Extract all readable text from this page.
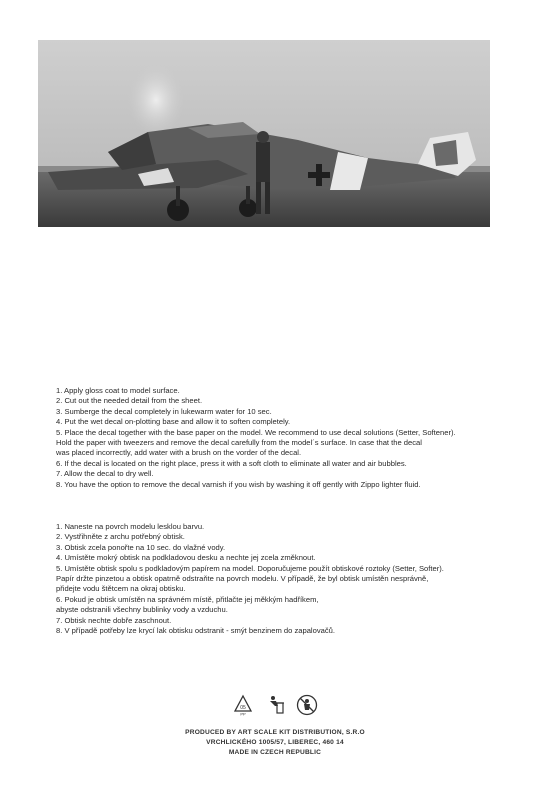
1. Apply gloss coat to model surface.
2. Cut out the needed detail from the sheet.
3. Sumberge the decal completely in lukewarm water for 10 sec.
4. Put the wet decal on-plotting base and allow it to soften completely.
5. Place the decal together with the base paper on the model. We recommend to use decal solutions (Setter, Softener).
Hold the paper with tweezers and remove the decal carefully from the model´s surface. In case that the decal
was placed incorrectly, add water with a brush on the vorder of the decal.
6. If the decal is located on the right place, press it with a soft cloth to eliminate all water and air bubbles.
7. Allow the decal to dry well.
8. You have the option to remove the decal varnish if you wish by washing it off gently with Zippo lighter fluid.
1. Naneste na povrch modelu lesklou barvu.
2. Vystřihněte z archu potřebný obtisk.
3. Obtisk zcela ponořte na 10 sec. do vlažné vody.
4. Umístěte mokrý obtisk na podkladovou desku a nechte jej zcela změknout.
5. Umístěte obtisk spolu s podkladovým papírem na model. Doporučujeme použít obtiskové roztoky (Setter, Softer).
Papír držte pinzetou a obtisk opatrně odstraňte na povrch modelu. V případě, že byl obtisk umístěn nesprávně,
přidejte vodu štětcem na okraj obtisku.
6. Pokud je obtisk umístěn na správném místě, přitlačte jej měkkým hadříkem,
abyste odstranili všechny bublinky vody a vzduchu.
7. Obtisk nechte dobře zaschnout.
8. V případě potřeby lze krycí lak obtisku odstranit - smýt benzinem do zapalovačů.
05
PP
PRODUCED BY ART SCALE KIT DISTRIBUTION, S.R.O
VRCHLICKÉHO 1005/57, LIBEREC, 460 14
MADE IN CZECH REPUBLIC
